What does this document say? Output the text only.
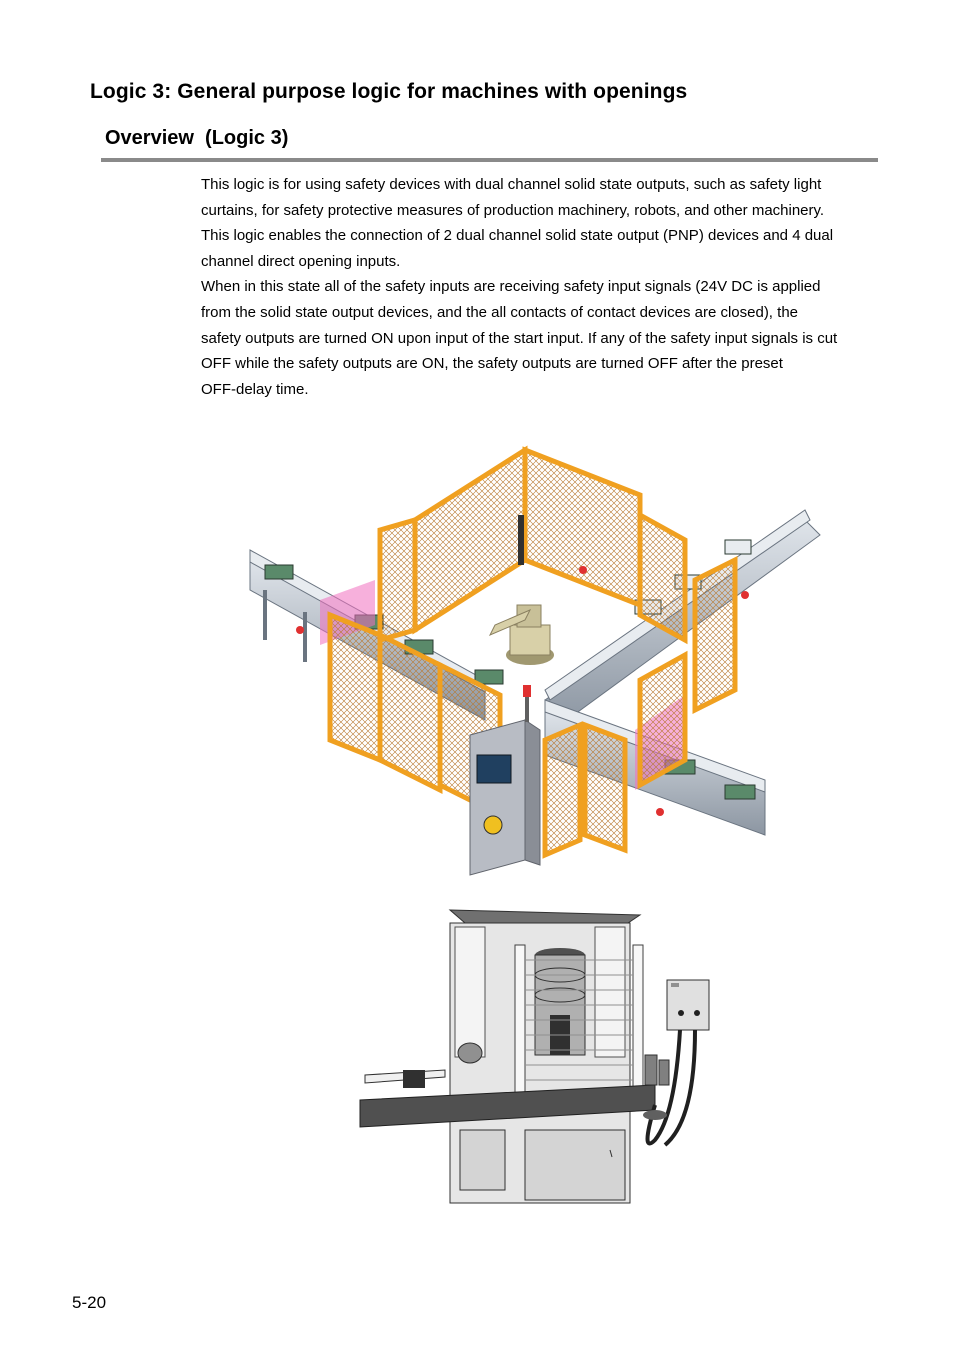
Logic 3: General purpose logic for machines with openings
Overview  (Logic 3)
This logic is for using safety devices with dual channel solid state outputs, such as safety light
curtains, for safety protective measures of production machinery, robots, and other machinery.
This logic enables the connection of 2 dual channel solid state output (PNP) devices and 4 dual
channel direct opening inputs.
When in this state all of the safety inputs are receiving safety input signals (24V DC is applied
from the solid state output devices, and the all contacts of contact devices are closed), the
safety outputs are turned ON upon input of the start input. If any of the safety input signals is cut
OFF while the safety outputs are ON, the safety outputs are turned OFF after the preset
OFF-delay time.
5-20
